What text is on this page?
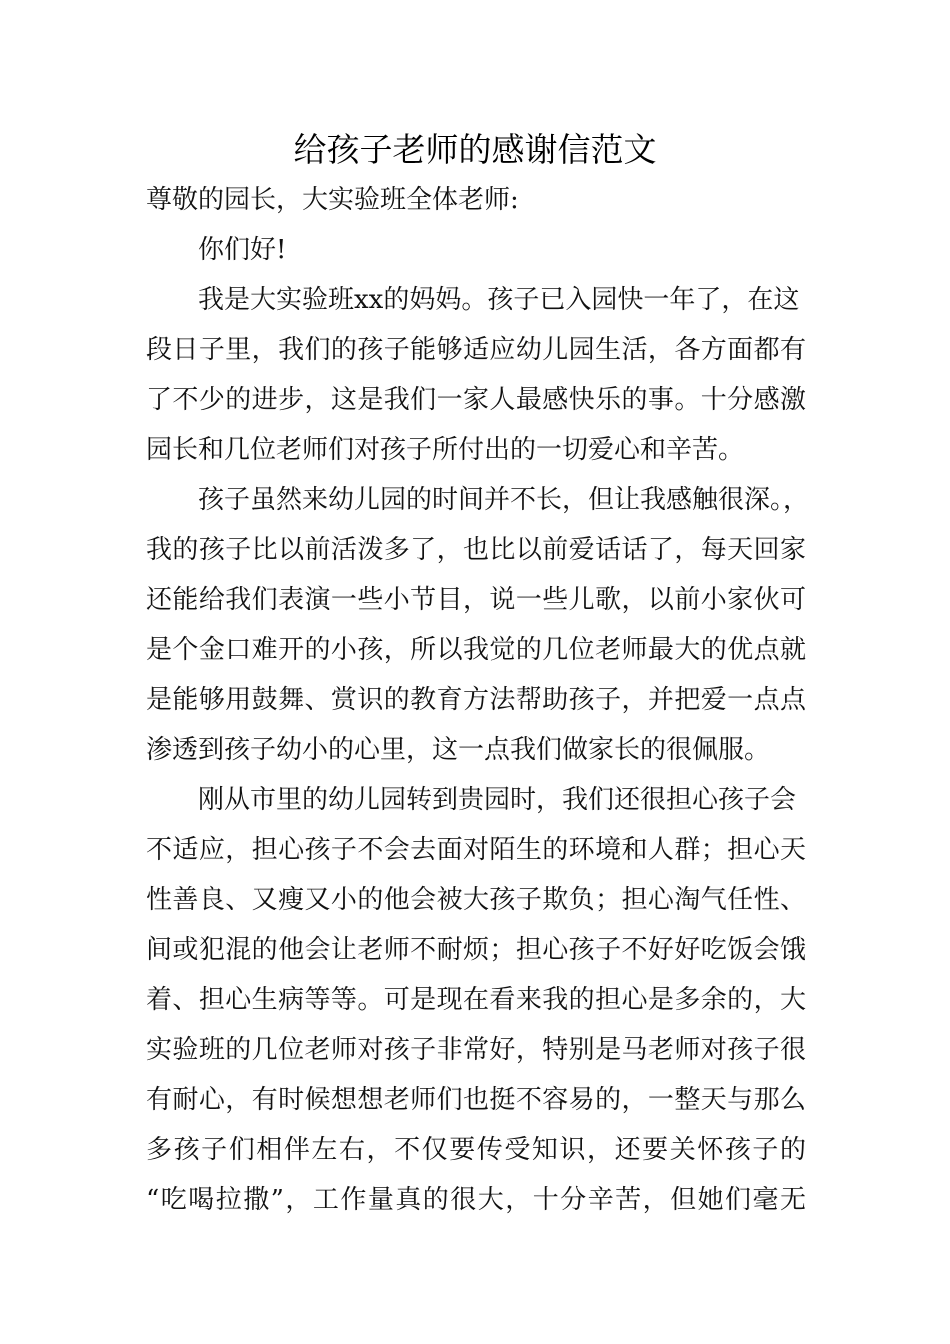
给孩子老师的感谢信范文
尊敬的园长，大实验班全体老师:
你们好!
我是大实验班xx的妈妈。孩子已入园快一年了，在这
段日子里，我们的孩子能够适应幼儿园生活，各方面都有
了不少的进步，这是我们一家人最感快乐的事。十分感激
园长和几位老师们对孩子所付出的一切爱心和辛苦。
孩子虽然来幼儿园的时间并不长，但让我感触很深。，
我的孩子比以前活泼多了，也比以前爱话话了，每天回家
还能给我们表演一些小节目，说一些儿歌，以前小家伙可
是个金口难开的小孩，所以我觉的几位老师最大的优点就
是能够用鼓舞、赏识的教育方法帮助孩子，并把爱一点点
渗透到孩子幼小的心里，这一点我们做家长的很佩服。
刚从市里的幼儿园转到贵园时，我们还很担心孩子会
不适应，担心孩子不会去面对陌生的环境和人群；担心天
性善良、又瘦又小的他会被大孩子欺负；担心淘气任性、
间或犯混的他会让老师不耐烦；担心孩子不好好吃饭会饿
着、担心生病等等。可是现在看来我的担心是多余的，大
实验班的几位老师对孩子非常好，特别是马老师对孩子很
有耐心，有时候想想老师们也挺不容易的，一整天与那么
多孩子们相伴左右，不仅要传受知识，还要关怀孩子的
“吃喝拉撒”，工作量真的很大，十分辛苦，但她们毫无
